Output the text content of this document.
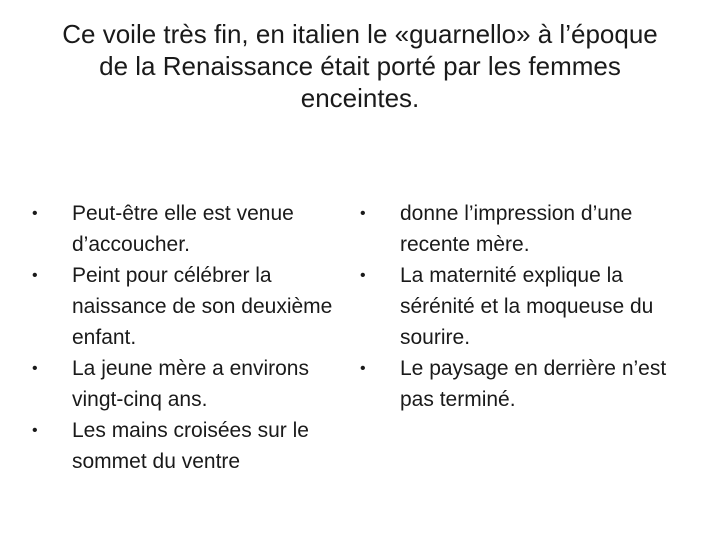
Ce voile très fin, en italien le «guarnello» à l’époque de la Renaissance était porté par les femmes enceintes.
• Peut-être elle est venue d’accoucher.
• Peint pour célébrer la naissance de son deuxième enfant.
• La jeune mère a environs vingt-cinq ans.
• Les mains croisées sur le sommet du ventre
• donne l’impression d’une recente mère.
• La maternité explique la sérénité et la moqueuse du sourire.
• Le paysage en derrière n’est pas terminé.
